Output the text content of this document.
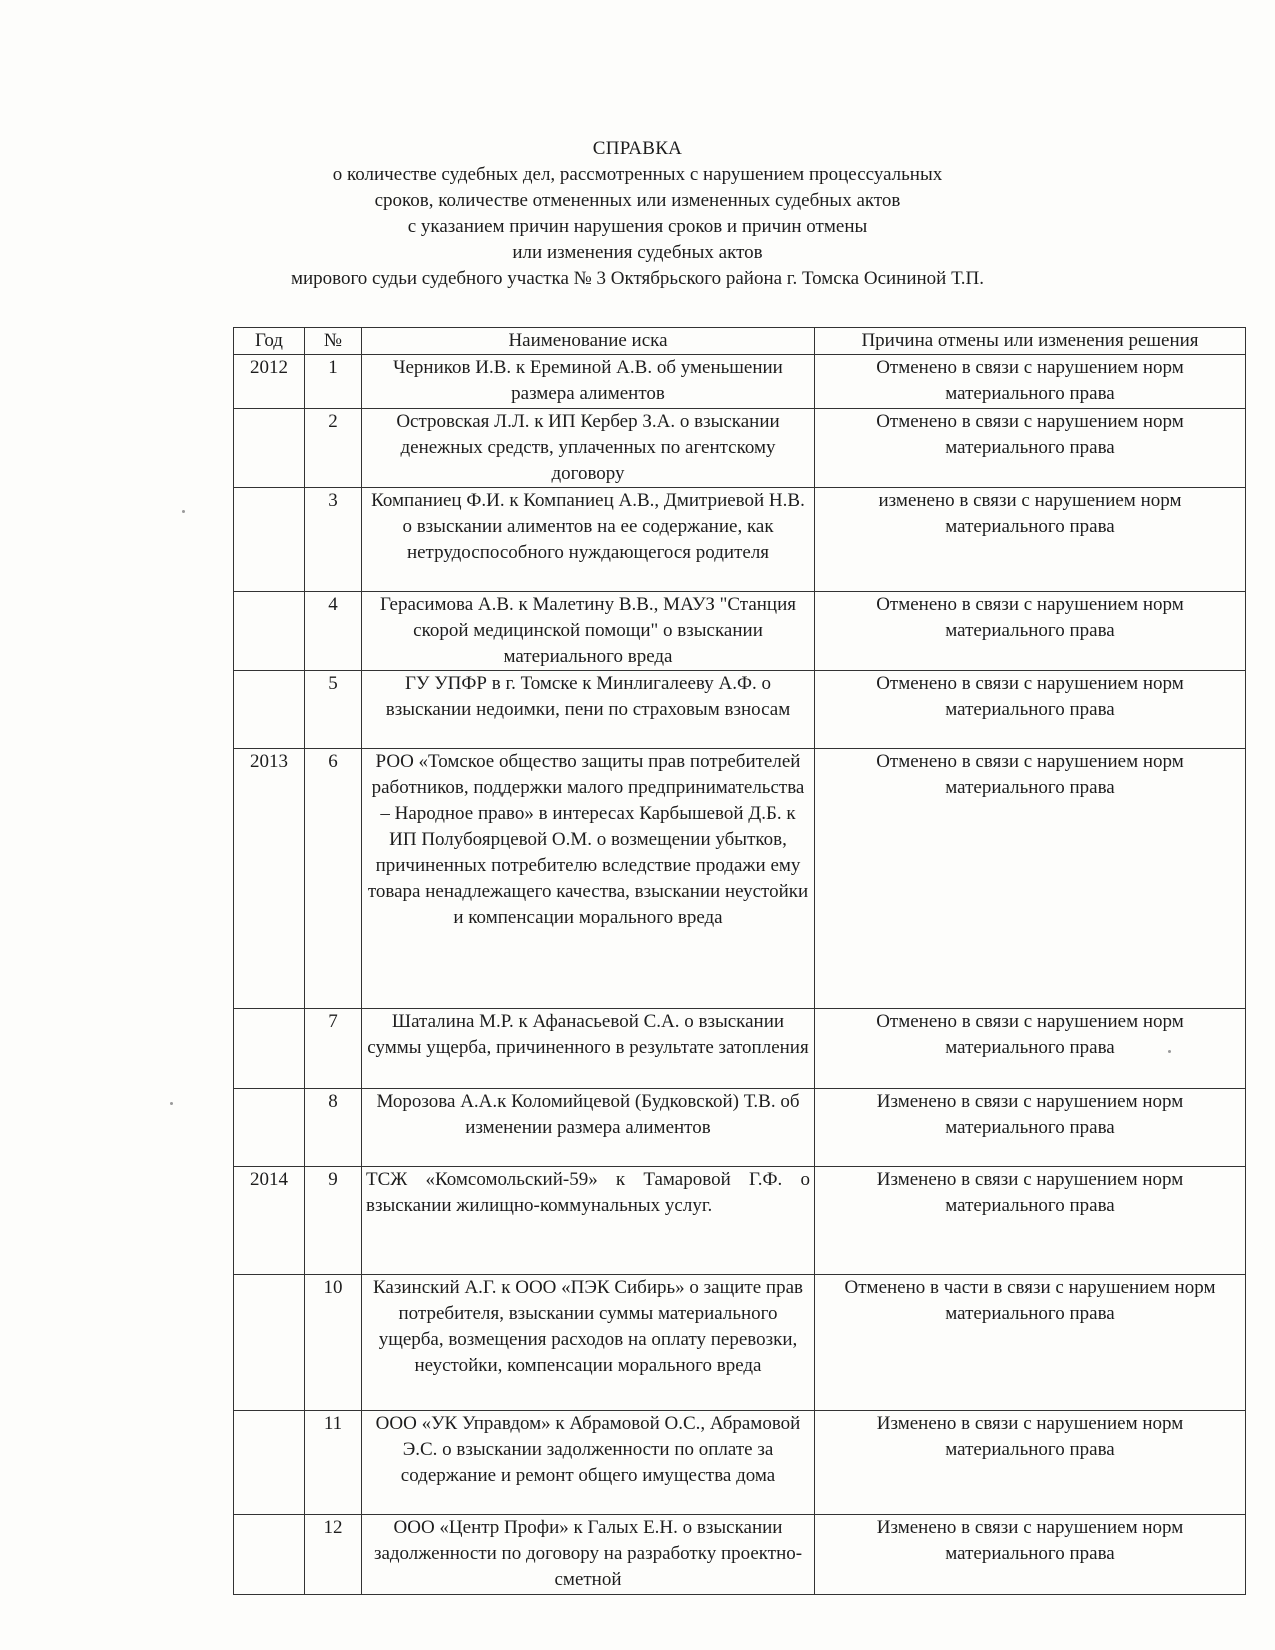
СПРАВКА
о количестве судебных дел, рассмотренных с нарушением процессуальных
сроков, количестве отмененных или измененных судебных актов
с указанием причин нарушения сроков и причин отмены
или изменения судебных актов
мирового судьи судебного участка № 3 Октябрьского района г. Томска Осининой Т.П.
Год	№	Наименование иска	Причина отмены или изменения решения
2012	1	Черников И.В. к Ереминой А.В. об уменьшении размера алиментов	Отменено в связи с нарушением норм материального права
	2	Островская Л.Л. к ИП Кербер З.А. о взыскании денежных средств, уплаченных по агентскому договору	Отменено в связи с нарушением норм материального права
	3	Компаниец Ф.И. к Компаниец А.В., Дмитриевой Н.В. о взыскании алиментов на ее содержание, как нетрудоспособного нуждающегося родителя	изменено в связи с нарушением норм материального права
	4	Герасимова А.В. к Малетину В.В., МАУЗ "Станция скорой медицинской помощи" о взыскании материального вреда	Отменено в связи с нарушением норм материального права
	5	ГУ УПФР в г. Томске к Минлигалееву А.Ф. о взыскании недоимки, пени по страховым взносам	Отменено в связи с нарушением норм материального права
2013	6	РОО «Томское общество защиты прав потребителей работников, поддержки малого предпринимательства – Народное право» в интересах Карбышевой Д.Б. к ИП Полубоярцевой О.М. о возмещении убытков, причиненных потребителю вследствие продажи ему товара ненадлежащего качества, взыскании неустойки и компенсации морального вреда	Отменено в связи с нарушением норм материального права
	7	Шаталина М.Р. к Афанасьевой С.А. о взыскании суммы ущерба, причиненного в результате затопления	Отменено в связи с нарушением норм материального права
	8	Морозова А.А.к Коломийцевой (Будковской) Т.В. об изменении размера алиментов	Изменено в связи с нарушением норм материального права
2014	9	ТСЖ «Комсомольский-59» к Тамаровой Г.Ф. о взыскании жилищно-коммунальных услуг.	Изменено в связи с нарушением норм материального права
	10	Казинский А.Г. к ООО «ПЭК Сибирь» о защите прав потребителя, взыскании суммы материального ущерба, возмещения расходов на оплату перевозки, неустойки, компенсации морального вреда	Отменено в части в связи с нарушением норм материального права
	11	ООО «УК Управдом» к Абрамовой О.С., Абрамовой Э.С. о взыскании задолженности по оплате за содержание и ремонт общего имущества дома	Изменено в связи с нарушением норм материального права
	12	ООО «Центр Профи» к Галых Е.Н. о взыскании задолженности по договору на разработку проектно-сметной	Изменено в связи с нарушением норм материального права
